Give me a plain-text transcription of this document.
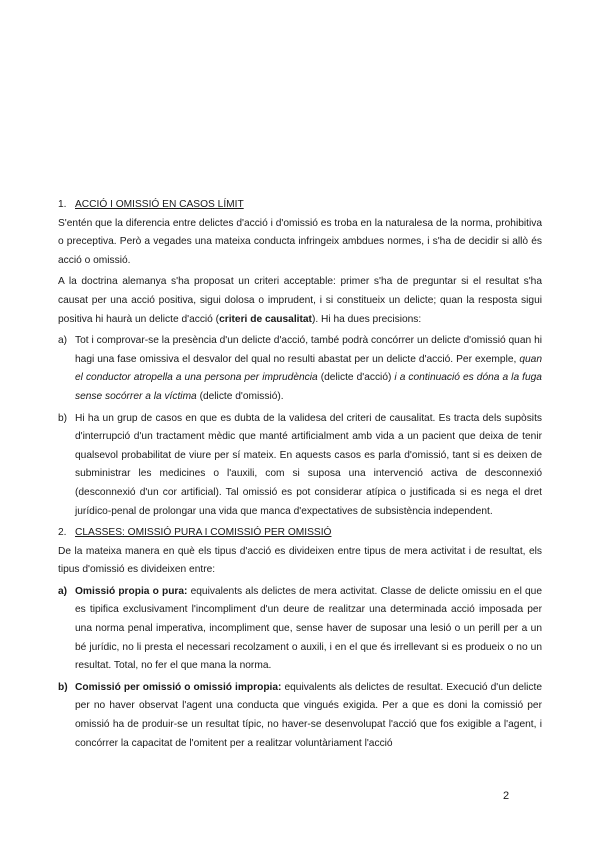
1. ACCIÓ I OMISSIÓ EN CASOS LÍMIT

S'entén que la diferencia entre delictes d'acció i d'omissió es troba en la naturalesa de la norma, prohibitiva o preceptiva. Però a vegades una mateixa conducta infringeix ambdues normes, i s'ha de decidir si allò és acció o omissió.

A la doctrina alemanya s'ha proposat un criteri acceptable: primer s'ha de preguntar si el resultat s'ha causat per una acció positiva, sigui dolosa o imprudent, i si constitueix un delicte; quan la resposta sigui positiva hi haurà un delicte d'acció (criteri de causalitat). Hi ha dues precisions:

a) Tot i comprovar-se la presència d'un delicte d'acció, també podrà concórrer un delicte d'omissió quan hi hagi una fase omissiva el desvalor del qual no resulti abastat per un delicte d'acció. Per exemple, quan el conductor atropella a una persona per imprudència (delicte d'acció) i a continuació es dóna a la fuga sense socórrer a la víctima (delicte d'omissió).
b) Hi ha un grup de casos en que es dubta de la validesa del criteri de causalitat. Es tracta dels supòsits d'interrupció d'un tractament mèdic que manté artificialment amb vida a un pacient que deixa de tenir qualsevol probabilitat de viure per sí mateix. En aquests casos es parla d'omissió, tant si es deixen de subministrar les medicines o l'auxili, com si suposa una intervenció activa de desconnexió (desconnexió d'un cor artificial). Tal omissió es pot considerar atípica o justificada si es nega el dret jurídico-penal de prolongar una vida que manca d'expectatives de subsistència independent.
2. CLASSES: OMISSIÓ PURA I COMISSIÓ PER OMISSIÓ

De la mateixa manera en què els tipus d'acció es divideixen entre tipus de mera activitat i de resultat, els tipus d'omissió es divideixen entre:

a) Omissió propia o pura: equivalents als delictes de mera activitat. Classe de delicte omissiu en el que es tipifica exclusivament l'incompliment d'un deure de realitzar una determinada acció imposada per una norma penal imperativa, incompliment que, sense haver de suposar una lesió o un perill per a un bé jurídic, no li presta el necessari recolzament o auxili, i en el que és irrellevant si es produeix o no un resultat. Total, no fer el que mana la norma.
b) Comissió per omissió o omissió impropia: equivalents als delictes de resultat. Execució d'un delicte per no haver observat l'agent una conducta que vingués exigida. Per a que es doni la comissió per omissió ha de produir-se un resultat típic, no haver-se desenvolupat l'acció que fos exigible a l'agent, i concórrer la capacitat de l'omitent per a realitzar voluntàriament l'acció
2
